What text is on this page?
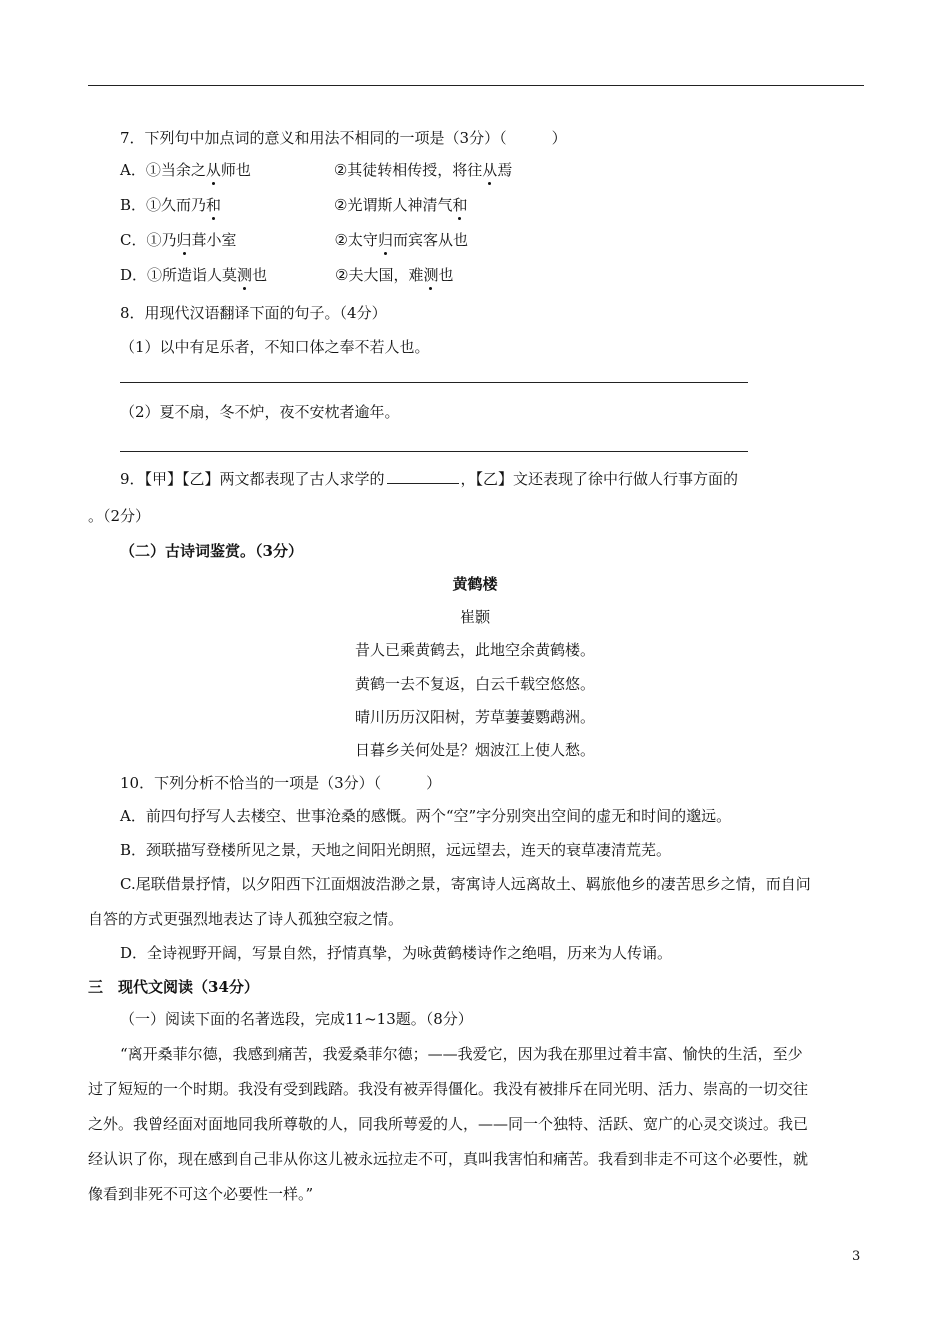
7．下列句中加点词的意义和用法不相同的一项是（3分）（　　　）
A．①当余之从师也	②其徒转相传授，将往从焉
B．①久而乃和	②光谓斯人神清气和
C．①乃归葺小室	②太守归而宾客从也
D．①所造诣人莫测也	②夫大国，难测也
8．用现代汉语翻译下面的句子。（4分）
（1）以中有足乐者，不知口体之奉不若人也。
（2）夏不扇，冬不炉，夜不安枕者逾年。
9．【甲】【乙】两文都表现了古人求学的	，【乙】文还表现了徐中行做人行事方面的
。（2分）
（二）古诗词鉴赏。（3分）
黄鹤楼
崔颢
昔人已乘黄鹤去，此地空余黄鹤楼。
黄鹤一去不复返，白云千载空悠悠。
晴川历历汉阳树，芳草萋萋鹦鹉洲。
日暮乡关何处是？烟波江上使人愁。
10．下列分析不恰当的一项是（3分）（　　　）
A．前四句抒写人去楼空、世事沧桑的感慨。两个“空”字分别突出空间的虚无和时间的邈远。
B．颈联描写登楼所见之景，天地之间阳光朗照，远远望去，连天的衰草凄清荒芜。
C.尾联借景抒情，以夕阳西下江面烟波浩渺之景，寄寓诗人远离故土、羁旅他乡的凄苦思乡之情，而自问
自答的方式更强烈地表达了诗人孤独空寂之情。
D．全诗视野开阔，写景自然，抒情真挚，为咏黄鹤楼诗作之绝唱，历来为人传诵。
三　现代文阅读（34分）
（一）阅读下面的名著选段，完成11~13题。（8分）
“离开桑菲尔德，我感到痛苦，我爱桑菲尔德；——我爱它，因为我在那里过着丰富、愉快的生活，至少
过了短短的一个时期。我没有受到践踏。我没有被弄得僵化。我没有被排斥在同光明、活力、崇高的一切交往
之外。我曾经面对面地同我所尊敬的人，同我所萼爱的人，——同一个独特、活跃、宽广的心灵交谈过。我已
经认识了你，现在感到自己非从你这儿被永远拉走不可，真叫我害怕和痛苦。我看到非走不可这个必要性，就
像看到非死不可这个必要性一样。”
3
